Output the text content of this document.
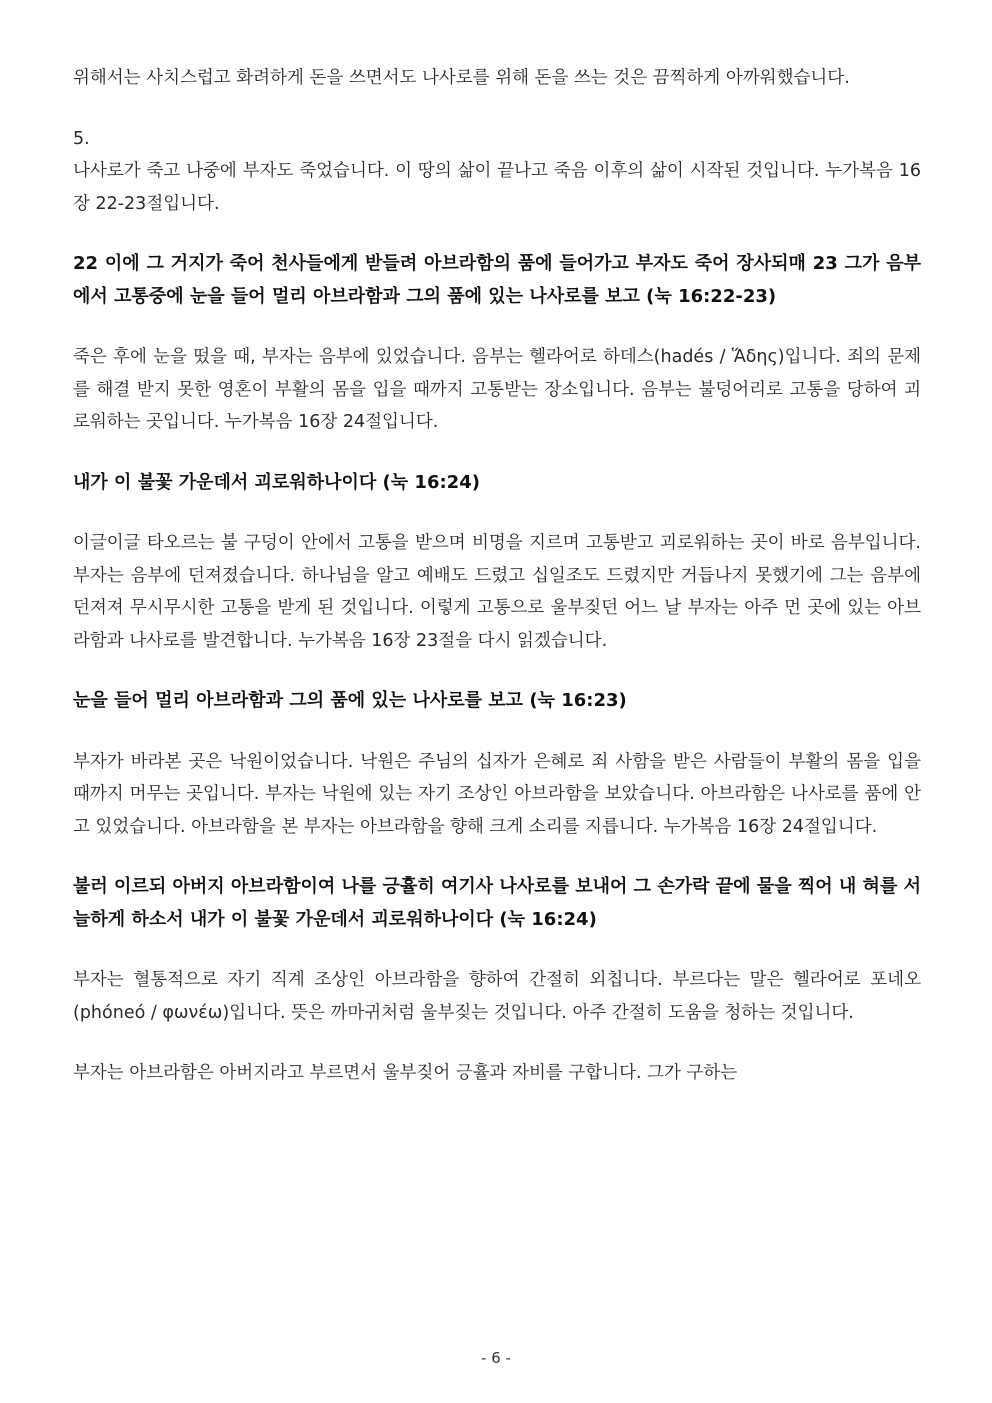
위해서는 사치스럽고 화려하게 돈을 쓰면서도 나사로를 위해 돈을 쓰는 것은 끔찍하게 아까워했습니다.

5.

나사로가 죽고 나중에 부자도 죽었습니다. 이 땅의 삶이 끝나고 죽음 이후의 삶이 시작된 것입니다. 누가복음 16장 22-23절입니다.

22 이에 그 거지가 죽어 천사들에게 받들려 아브라함의 품에 들어가고 부자도 죽어 장사되매 23 그가 음부에서 고통중에 눈을 들어 멀리 아브라함과 그의 품에 있는 나사로를 보고 (눅 16:22-23)

죽은 후에 눈을 떴을 때, 부자는 음부에 있었습니다. 음부는 헬라어로 하데스(hadés / Ἅδης)입니다. 죄의 문제를 해결 받지 못한 영혼이 부활의 몸을 입을 때까지 고통받는 장소입니다. 음부는 불덩어리로 고통을 당하여 괴로워하는 곳입니다. 누가복음 16장 24절입니다.

내가 이 불꽃 가운데서 괴로워하나이다 (눅 16:24)

이글이글 타오르는 불 구덩이 안에서 고통을 받으며 비명을 지르며 고통받고 괴로워하는 곳이 바로 음부입니다. 부자는 음부에 던져졌습니다. 하나님을 알고 예배도 드렸고 십일조도 드렸지만 거듭나지 못했기에 그는 음부에 던져져 무시무시한 고통을 받게 된 것입니다. 이렇게 고통으로 울부짖던 어느 날 부자는 아주 먼 곳에 있는 아브라함과 나사로를 발견합니다. 누가복음 16장 23절을 다시 읽겠습니다.

눈을 들어 멀리 아브라함과 그의 품에 있는 나사로를 보고 (눅 16:23)

부자가 바라본 곳은 낙원이었습니다. 낙원은 주님의 십자가 은혜로 죄 사함을 받은 사람들이 부활의 몸을 입을 때까지 머무는 곳입니다. 부자는 낙원에 있는 자기 조상인 아브라함을 보았습니다. 아브라함은 나사로를 품에 안고 있었습니다. 아브라함을 본 부자는 아브라함을 향해 크게 소리를 지릅니다. 누가복음 16장 24절입니다.

불러 이르되 아버지 아브라함이여 나를 긍휼히 여기사 나사로를 보내어 그 손가락 끝에 물을 찍어 내 혀를 서늘하게 하소서 내가 이 불꽃 가운데서 괴로워하나이다 (눅 16:24)

부자는 혈통적으로 자기 직계 조상인 아브라함을 향하여 간절히 외칩니다. 부르다는 말은 헬라어로 포네오(phóneó / φωνέω)입니다. 뜻은 까마귀처럼 울부짖는 것입니다. 아주 간절히 도움을 청하는 것입니다.

부자는 아브라함은 아버지라고 부르면서 울부짖어 긍휼과 자비를 구합니다. 그가 구하는

- 6 -
